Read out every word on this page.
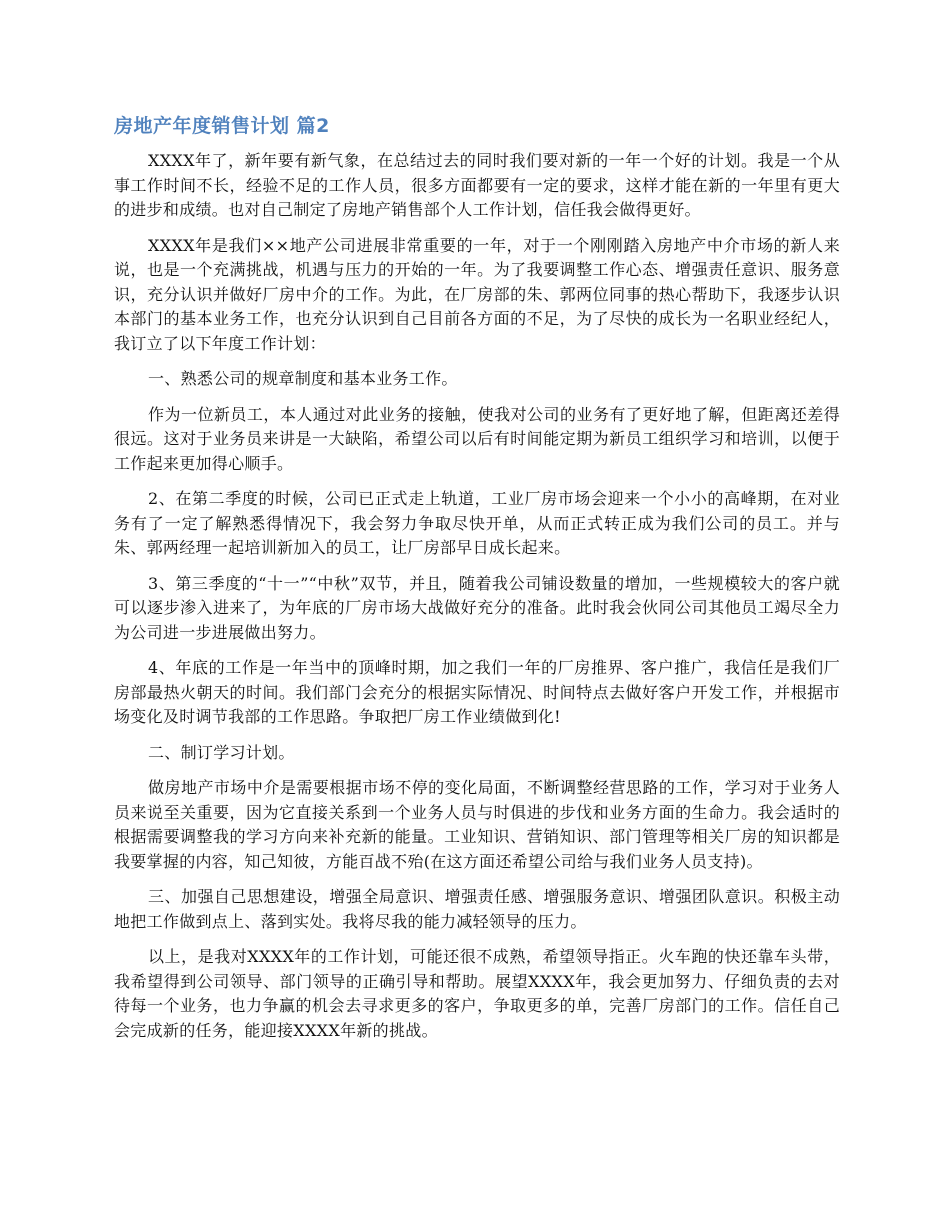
房地产年度销售计划 篇2

XXXX年了，新年要有新气象，在总结过去的同时我们要对新的一年一个好的计划。我是一个从事工作时间不长，经验不足的工作人员，很多方面都要有一定的要求，这样才能在新的一年里有更大的进步和成绩。也对自己制定了房地产销售部个人工作计划，信任我会做得更好。

XXXX年是我们××地产公司进展非常重要的一年，对于一个刚刚踏入房地产中介市场的新人来说，也是一个充满挑战，机遇与压力的开始的一年。为了我要调整工作心态、增强责任意识、服务意识，充分认识并做好厂房中介的工作。为此，在厂房部的朱、郭两位同事的热心帮助下，我逐步认识本部门的基本业务工作，也充分认识到自己目前各方面的不足，为了尽快的成长为一名职业经纪人，我订立了以下年度工作计划：

一、熟悉公司的规章制度和基本业务工作。

作为一位新员工，本人通过对此业务的接触，使我对公司的业务有了更好地了解，但距离还差得很远。这对于业务员来讲是一大缺陷，希望公司以后有时间能定期为新员工组织学习和培训，以便于工作起来更加得心顺手。

2、在第二季度的时候，公司已正式走上轨道，工业厂房市场会迎来一个小小的高峰期，在对业务有了一定了解熟悉得情况下，我会努力争取尽快开单，从而正式转正成为我们公司的员工。并与朱、郭两经理一起培训新加入的员工，让厂房部早日成长起来。

3、第三季度的“十一”“中秋”双节，并且，随着我公司铺设数量的增加，一些规模较大的客户就可以逐步渗入进来了，为年底的厂房市场大战做好充分的准备。此时我会伙同公司其他员工竭尽全力为公司进一步进展做出努力。

4、年底的工作是一年当中的顶峰时期，加之我们一年的厂房推界、客户推广，我信任是我们厂房部最热火朝天的时间。我们部门会充分的根据实际情况、时间特点去做好客户开发工作，并根据市场变化及时调节我部的工作思路。争取把厂房工作业绩做到化!

二、制订学习计划。

做房地产市场中介是需要根据市场不停的变化局面，不断调整经营思路的工作，学习对于业务人员来说至关重要，因为它直接关系到一个业务人员与时俱进的步伐和业务方面的生命力。我会适时的根据需要调整我的学习方向来补充新的能量。工业知识、营销知识、部门管理等相关厂房的知识都是我要掌握的内容，知己知彼，方能百战不殆(在这方面还希望公司给与我们业务人员支持)。

三、加强自己思想建设，增强全局意识、增强责任感、增强服务意识、增强团队意识。积极主动地把工作做到点上、落到实处。我将尽我的能力减轻领导的压力。

以上，是我对XXXX年的工作计划，可能还很不成熟，希望领导指正。火车跑的快还靠车头带，我希望得到公司领导、部门领导的正确引导和帮助。展望XXXX年，我会更加努力、仔细负责的去对待每一个业务，也力争赢的机会去寻求更多的客户，争取更多的单，完善厂房部门的工作。信任自己会完成新的任务，能迎接XXXX年新的挑战。
